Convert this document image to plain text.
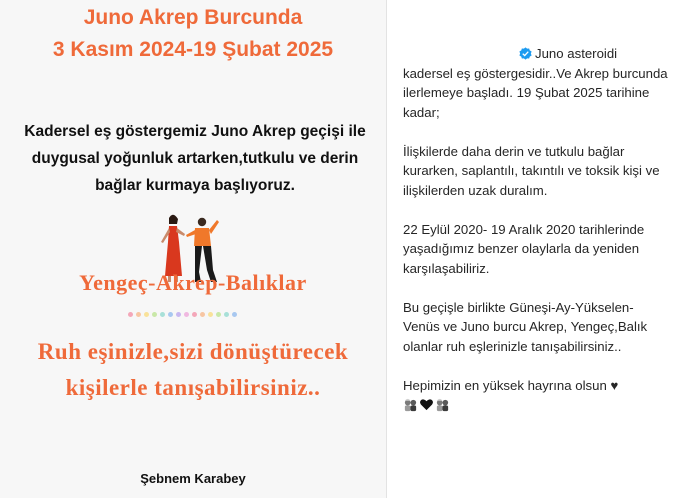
Juno Akrep Burcunda
3 Kasım 2024-19 Şubat 2025
Kadersel eş göstergemiz Juno Akrep geçişi ile duygusal yoğunluk artarken,tutkulu ve derin bağlar kurmaya başlıyoruz.
Yengeç-Akrep-Balıklar
Ruh eşinizle,sizi dönüştürecek kişilerle tanışabilirsiniz..
Şebnem Karabey

Juno asteroidi
kadersel eş göstergesidir..Ve Akrep burcunda ilerlemeye başladı. 19 Şubat 2025 tarihine kadar;

İlişkilerde daha derin ve tutkulu bağlar kurarken, saplantılı, takıntılı ve toksik kişi ve ilişkilerden uzak duralım.

22 Eylül 2020- 19 Aralık 2020 tarihlerinde yaşadığımız benzer olaylarla da yeniden karşılaşabiliriz.

Bu geçişle birlikte Güneşi-Ay-Yükselen- Venüs ve Juno burcu Akrep, Yengeç,Balık olanlar ruh eşlerinizle tanışabilirsiniz..

Hepimizin en yüksek hayrına olsun ♥
